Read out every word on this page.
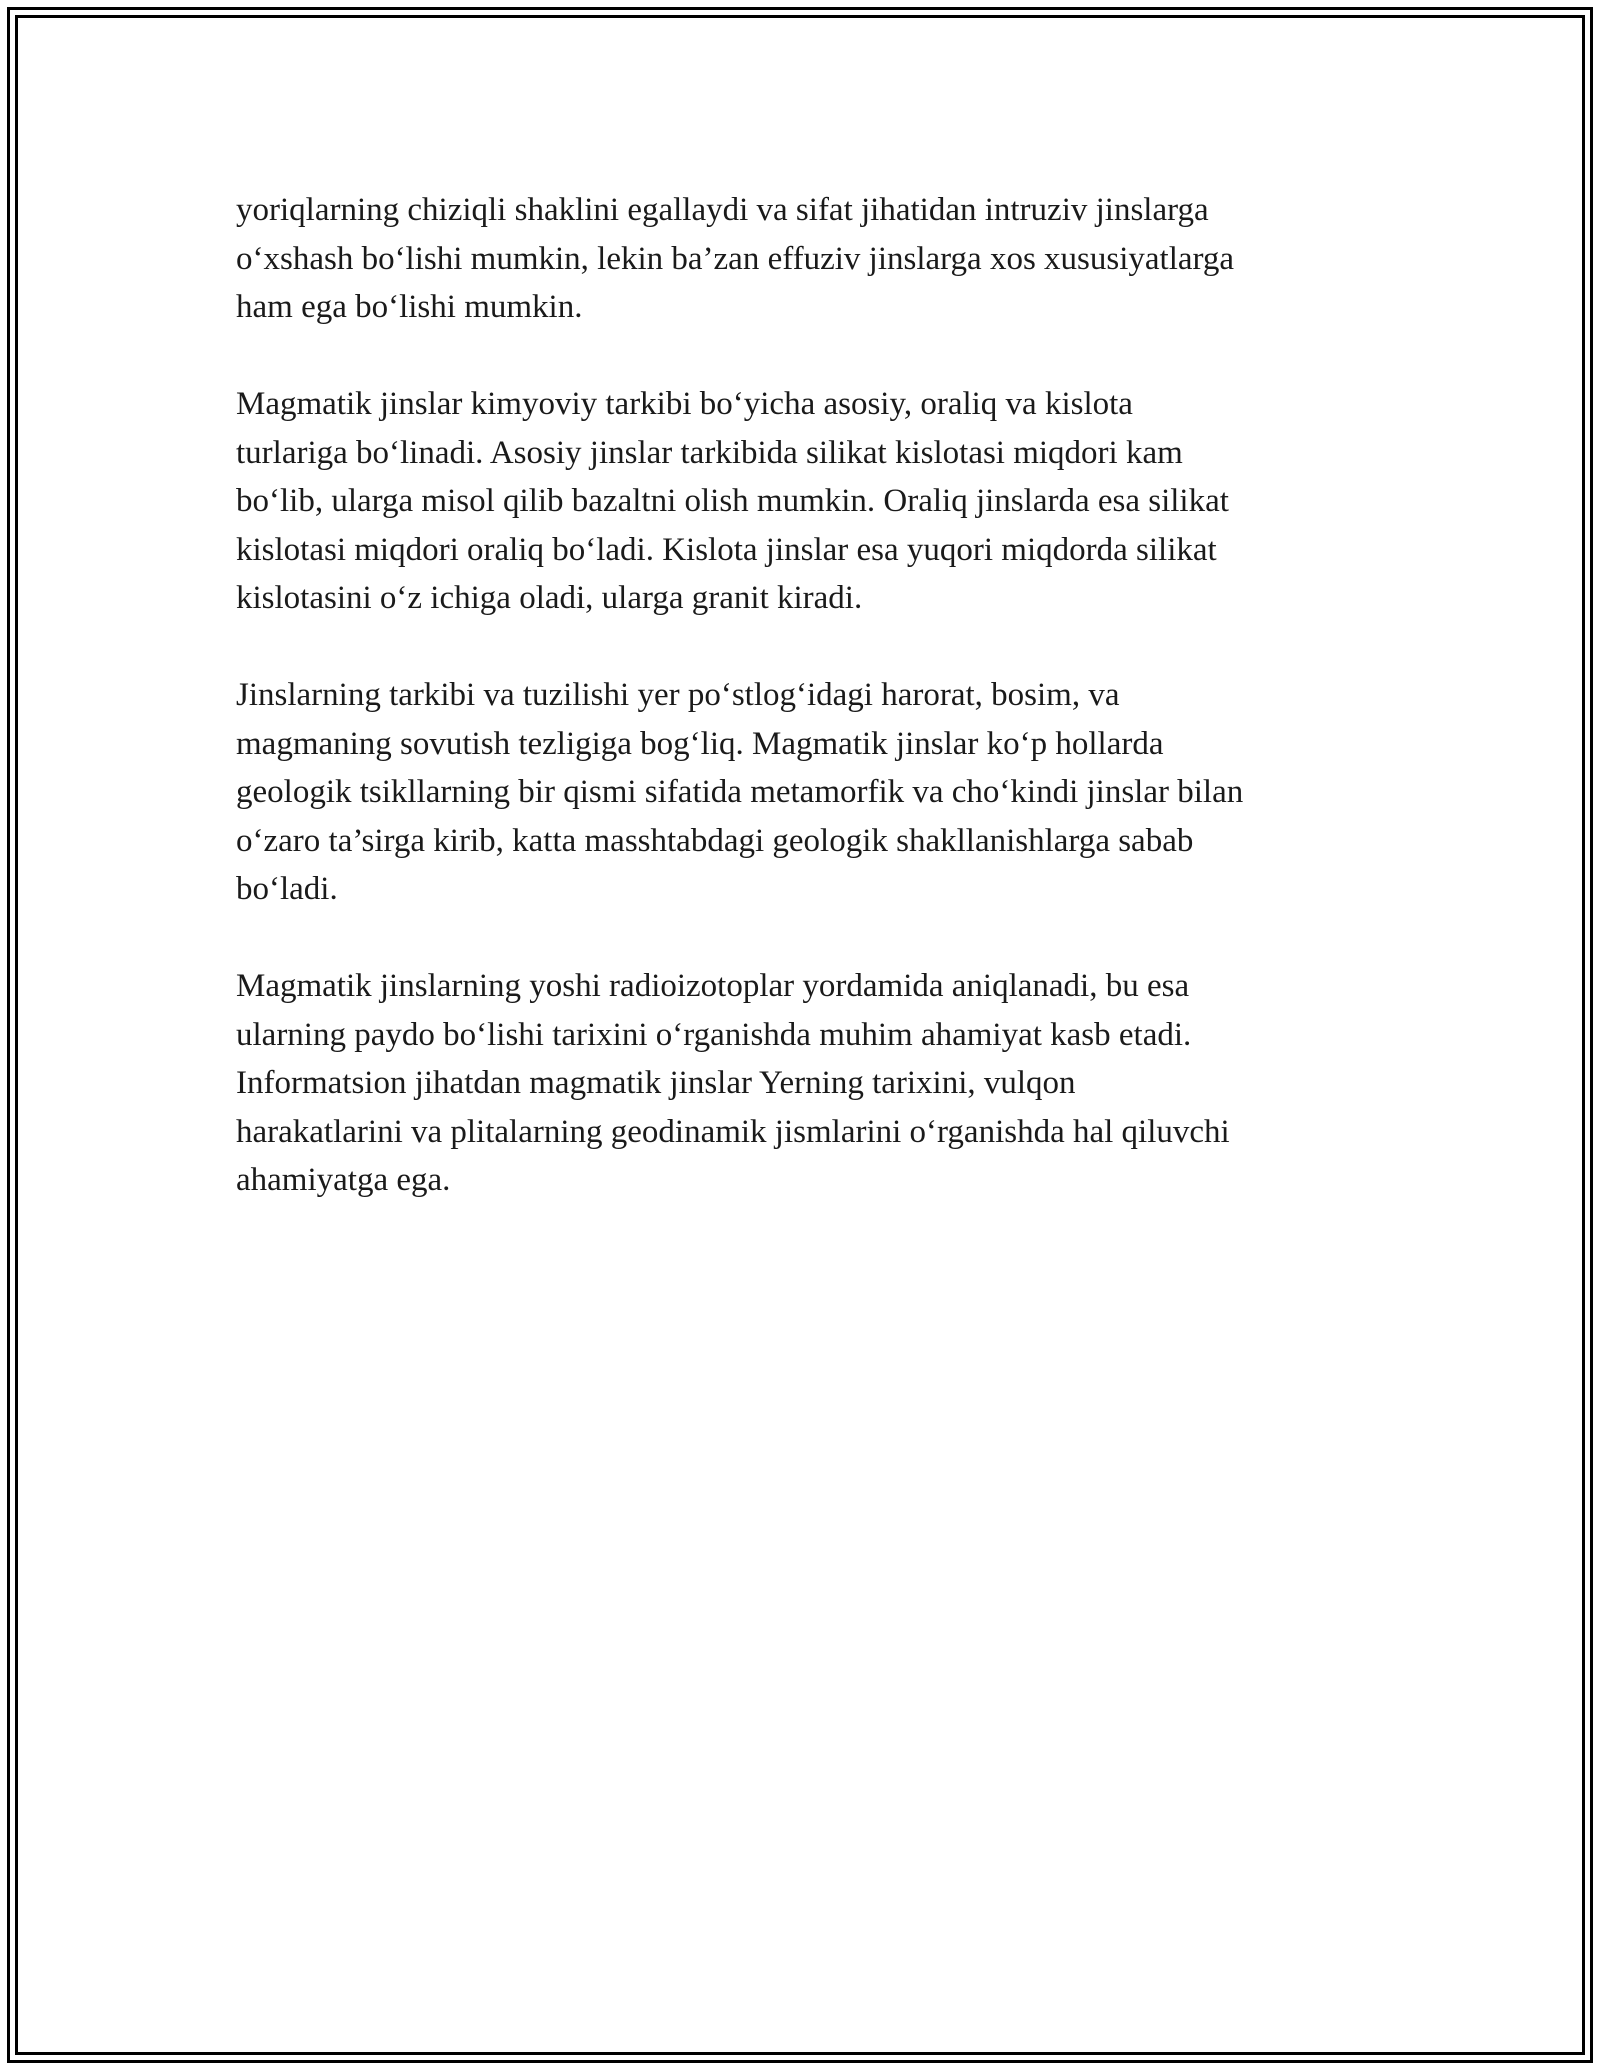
yoriqlarning chiziqli shaklini egallaydi va sifat jihatidan intruziv jinslarga
o‘xshash bo‘lishi mumkin, lekin ba’zan effuziv jinslarga xos xususiyatlarga
ham ega bo‘lishi mumkin.

Magmatik jinslar kimyoviy tarkibi bo‘yicha asosiy, oraliq va kislota
turlariga bo‘linadi. Asosiy jinslar tarkibida silikat kislotasi miqdori kam
bo‘lib, ularga misol qilib bazaltni olish mumkin. Oraliq jinslarda esa silikat
kislotasi miqdori oraliq bo‘ladi. Kislota jinslar esa yuqori miqdorda silikat
kislotasini o‘z ichiga oladi, ularga granit kiradi.

Jinslarning tarkibi va tuzilishi yer po‘stlog‘idagi harorat, bosim, va
magmaning sovutish tezligiga bog‘liq. Magmatik jinslar ko‘p hollarda
geologik tsikllarning bir qismi sifatida metamorfik va cho‘kindi jinslar bilan
o‘zaro ta’sirga kirib, katta masshtabdagi geologik shakllanishlarga sabab
bo‘ladi.

Magmatik jinslarning yoshi radioizotoplar yordamida aniqlanadi, bu esa
ularning paydo bo‘lishi tarixini o‘rganishda muhim ahamiyat kasb etadi.
Informatsion jihatdan magmatik jinslar Yerning tarixini, vulqon
harakatlarini va plitalarning geodinamik jismlarini o‘rganishda hal qiluvchi
ahamiyatga ega.
